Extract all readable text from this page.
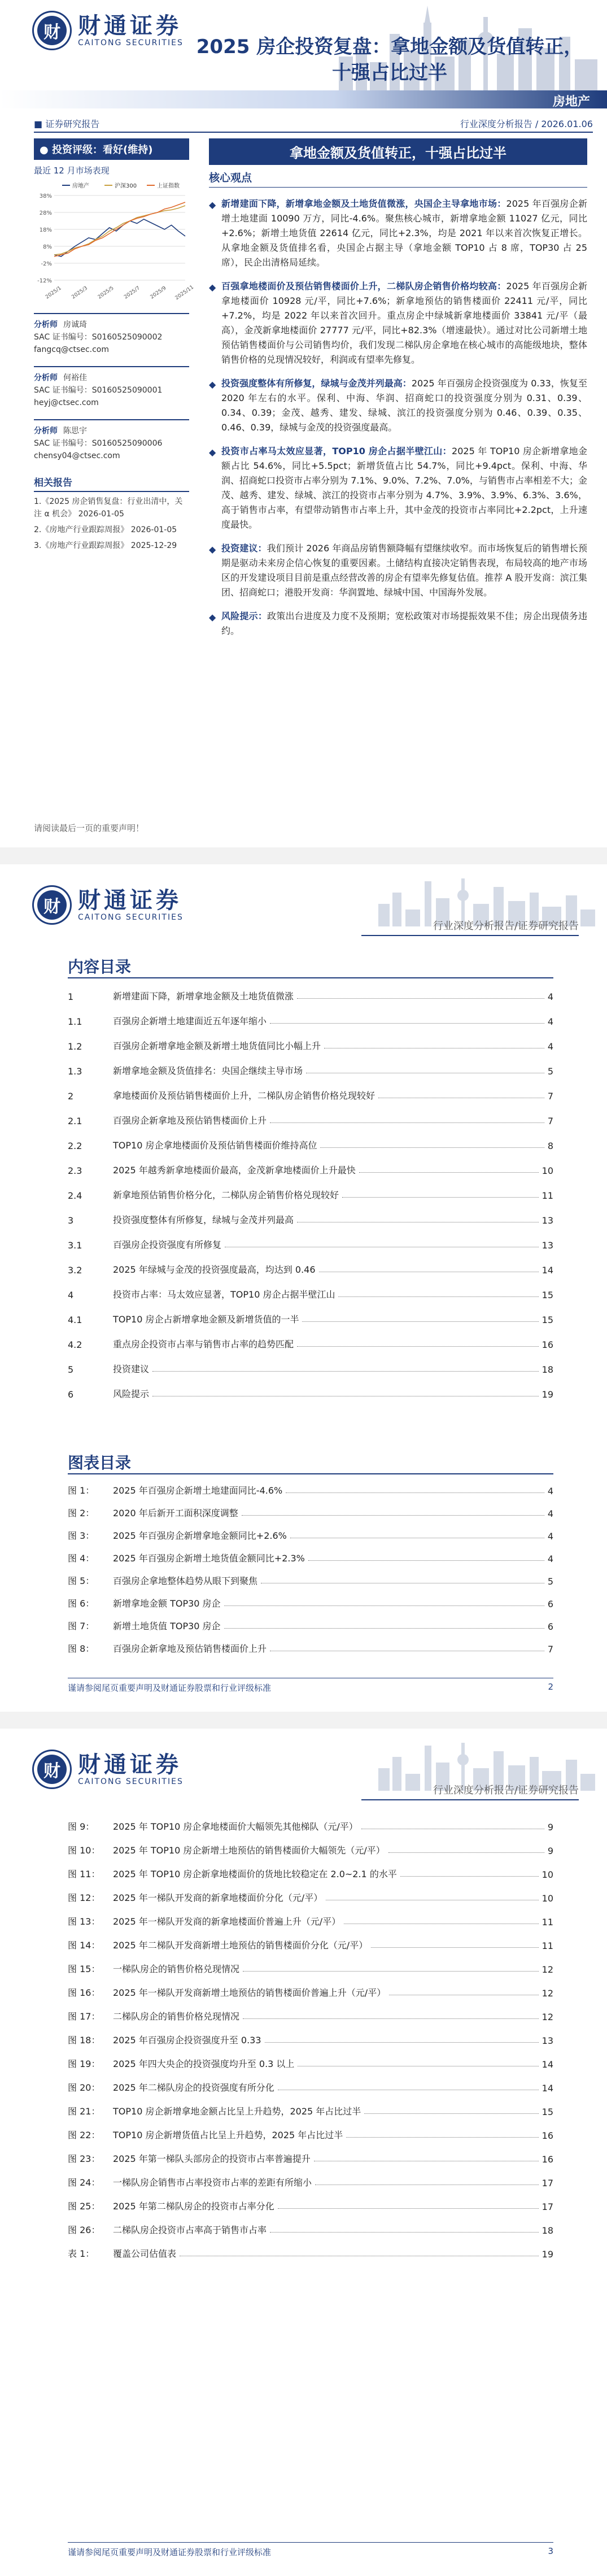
财 财通证券
CAITONG SECURITIES 2025 房企投资复盘：拿地金额及货值转正，十强占比过半
房地产
■ 证券研究报告	行业深度分析报告 / 2026.01.06
● 投资评级：看好(维持)
最近 12 月市场表现
38%
28%
18%
8%
-2%
-12%
2025/1 2025/3 2025/5 2025/7 2025/9 2025/11
房地产	沪深300	上证指数
分析师 房诚琦
SAC 证书编号：S0160525090002
fangcq@ctsec.com
分析师 何裕佳
SAC 证书编号：S0160525090001
heyj@ctsec.com
分析师 陈思宇
SAC 证书编号：S0160525090006
chensy04@ctsec.com
相关报告
1.《2025 房企销售复盘：行业出清中，关注 α 机会》 2026-01-05
2.《房地产行业跟踪周报》 2026-01-05
3.《房地产行业跟踪周报》 2025-12-29
拿地金额及货值转正，十强占比过半
核心观点
◆ 新增建面下降，新增拿地金额及土地货值微涨，央国企主导拿地市场：2025 年百强房企新增土地建面 10090 万方，同比-4.6%。聚焦核心城市，新增拿地金额 11027 亿元，同比+2.6%；新增土地货值 22614 亿元，同比+2.3%，均是 2021 年以来首次恢复正增长。从拿地金额及货值排名看，央国企占据主导（拿地金额 TOP10 占 8 席，TOP30 占 25 席），民企出清格局延续。
◆ 百强拿地楼面价及预估销售楼面价上升，二梯队房企销售价格均较高：2025 年百强房企新拿地楼面价 10928 元/平，同比+7.6%；新拿地预估的销售楼面价 22411 元/平，同比+7.2%，均是 2022 年以来首次回升。重点房企中绿城新拿地楼面价 33841 元/平（最高），金茂新拿地楼面价 27777 元/平，同比+82.3%（增速最快）。通过对比公司新增土地预估销售楼面价与公司销售均价，我们发现二梯队房企拿地在核心城市的高能级地块，整体销售价格的兑现情况较好，利润或有望率先修复。
◆ 投资强度整体有所修复，绿城与金茂并列最高：2025 年百强房企投资强度为 0.33，恢复至 2020 年左右的水平。保利、中海、华润、招商蛇口的投资强度分别为 0.31、0.39、0.34、0.39；金茂、越秀、建发、绿城、滨江的投资强度分别为 0.46、0.39、0.35、0.46、0.39，绿城与金茂的投资强度最高。
◆ 投资市占率马太效应显著，TOP10 房企占据半壁江山：2025 年 TOP10 房企新增拿地金额占比 54.6%，同比+5.5pct；新增货值占比 54.7%，同比+9.4pct。保利、中海、华润、招商蛇口投资市占率分别为 7.1%、9.0%、7.2%、7.0%，与销售市占率相差不大；金茂、越秀、建发、绿城、滨江的投资市占率分别为 4.7%、3.9%、3.9%、6.3%、3.6%，高于销售市占率，有望带动销售市占率上升，其中金茂的投资市占率同比+2.2pct，上升速度最快。
◆ 投资建议：我们预计 2026 年商品房销售额降幅有望继续收窄。而市场恢复后的销售增长预期是驱动未来房企信心恢复的重要因素。土储结构直接决定销售表现，布局较高的地产市场区的开发建设项目目前是重点经营改善的房企有望率先修复估值。推荐 A 股开发商：滨江集团、招商蛇口；港股开发商：华润置地、绿城中国、中国海外发展。
◆ 风险提示：政策出台进度及力度不及预期；宽松政策对市场提振效果不佳；房企出现债务违约。
请阅读最后一页的重要声明！
财 财通证券
CAITONG SECURITIES
行业深度分析报告/证券研究报告
内容目录
1	新增建面下降，新增拿地金额及土地货值微涨	4
1.1	百强房企新增土地建面近五年逐年缩小	4
1.2	百强房企新增拿地金额及新增土地货值同比小幅上升	4
1.3	新增拿地金额及货值排名：央国企继续主导市场	5
2	拿地楼面价及预估销售楼面价上升，二梯队房企销售价格兑现较好	7
2.1	百强房企新拿地及预估销售楼面价上升	7
2.2	TOP10 房企拿地楼面价及预估销售楼面价维持高位	8
2.3	2025 年越秀新拿地楼面价最高，金茂新拿地楼面价上升最快	10
2.4	新拿地预估销售价格分化，二梯队房企销售价格兑现较好	11
3	投资强度整体有所修复，绿城与金茂并列最高	13
3.1	百强房企投资强度有所修复	13
3.2	2025 年绿城与金茂的投资强度最高，均达到 0.46	14
4	投资市占率：马太效应显著，TOP10 房企占据半壁江山	15
4.1	TOP10 房企占新增拿地金额及新增货值的一半	15
4.2	重点房企投资市占率与销售市占率的趋势匹配	16
5	投资建议	18
6	风险提示	19
图表目录
图 1：	2025 年百强房企新增土地建面同比-4.6%	4
图 2：	2020 年后新开工面积深度调整	4
图 3：	2025 年百强房企新增拿地金额同比+2.6%	4
图 4：	2025 年百强房企新增土地货值金额同比+2.3%	4
图 5：	百强房企拿地整体趋势从眼下到聚焦	5
图 6：	新增拿地金额 TOP30 房企	6
图 7：	新增土地货值 TOP30 房企	6
图 8：	百强房企新拿地及预估销售楼面价上升	7
谨请参阅尾页重要声明及财通证券股票和行业评级标准	2
财 财通证券
CAITONG SECURITIES
行业深度分析报告/证券研究报告
图 9：	2025 年 TOP10 房企拿地楼面价大幅领先其他梯队（元/平）	9
图 10：	2025 年 TOP10 房企新增土地预估的销售楼面价大幅领先（元/平）	9
图 11：	2025 年 TOP10 房企新拿地楼面价的货地比较稳定在 2.0~2.1 的水平	10
图 12：	2025 年一梯队开发商的新拿地楼面价分化（元/平）	10
图 13：	2025 年一梯队开发商的新拿地楼面价普遍上升（元/平）	11
图 14：	2025 年二梯队开发商新增土地预估的销售楼面价分化（元/平）	11
图 15：	一梯队房企的销售价格兑现情况	12
图 16：	2025 年一梯队开发商新增土地预估的销售楼面价普遍上升（元/平）	12
图 17：	二梯队房企的销售价格兑现情况	12
图 18：	2025 年百强房企投资强度升至 0.33	13
图 19：	2025 年四大央企的投资强度均升至 0.3 以上	14
图 20：	2025 年二梯队房企的投资强度有所分化	14
图 21：	TOP10 房企新增拿地金额占比呈上升趋势，2025 年占比过半	15
图 22：	TOP10 房企新增货值占比呈上升趋势，2025 年占比过半	16
图 23：	2025 年第一梯队头部房企的投资市占率普遍提升	16
图 24：	一梯队房企销售市占率投资市占率的差距有所缩小	17
图 25：	2025 年第二梯队房企的投资市占率分化	17
图 26：	二梯队房企投资市占率高于销售市占率	18
表 1：	覆盖公司估值表	19
谨请参阅尾页重要声明及财通证券股票和行业评级标准	3
